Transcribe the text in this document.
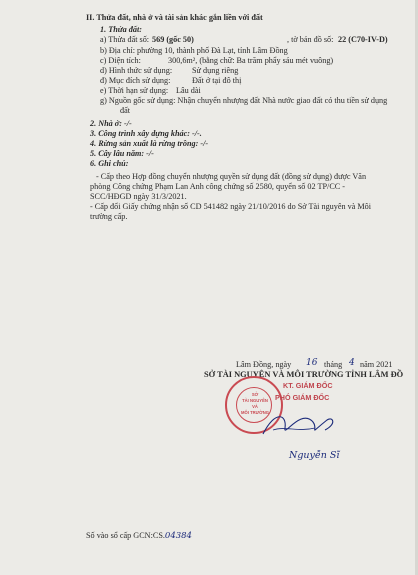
II. Thửa đất, nhà ở và tài sản khác gắn liền với đất
1. Thửa đất:
a) Thửa đất số: 569 (gốc 50)	, tờ bản đồ số: 22 (C70-IV-D)
b) Địa chỉ: phường 10, thành phố Đà Lạt, tỉnh Lâm Đồng
c) Diện tích:	300,6m², (bằng chữ: Ba trăm phẩy sáu mét vuông)
d) Hình thức sử dụng: Sử dụng riêng
đ) Mục đích sử dụng:	Đất ở tại đô thị
e) Thời hạn sử dụng: Lâu dài
g) Nguồn gốc sử dụng: Nhận chuyển nhượng đất Nhà nước giao đất có thu tiền sử dụng
đất
2. Nhà ở: -/-
3. Công trình xây dựng khác: -/-.
4. Rừng sản xuất là rừng trồng: -/-
5. Cây lâu năm: -/-
6. Ghi chú:
- Cấp theo Hợp đồng chuyển nhượng quyền sử dụng đất (đồng sử dụng) được Văn
phòng Công chứng Phạm Lan Anh công chứng số 2580, quyển số 02 TP/CC -
SCC/HĐGD ngày 31/3/2021.
- Cấp đổi Giấy chứng nhận số CD 541482 ngày 21/10/2016 do Sở Tài nguyên và Môi
trường cấp.
Lâm Đồng, ngày 16 tháng 4 năm 2021
SỞ TÀI NGUYÊN VÀ MÔI TRƯỜNG TỈNH LÂM ĐỒ
SỞ
TÀI NGUYÊN
VÀ
MÔI TRƯỜNG
KT. GIÁM ĐỐC
PHÓ GIÁM ĐỐC
Nguyễn Sĩ
Số vào sổ cấp GCN:CS.04384
